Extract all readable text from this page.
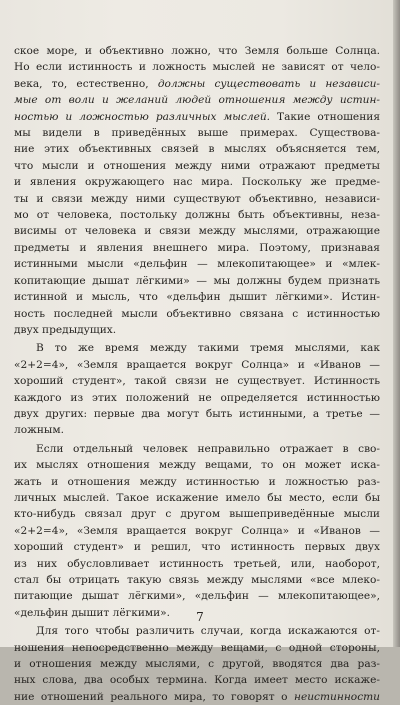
ское море, и объективно ложно, что Земля больше Солнца.
Но если истинность и ложность мыслей не зависят от чело-
века, то, естественно, должны существовать и независи-
мые от воли и желаний людей отношения между истин-
ностью и ложностью различных мыслей. Такие отношения
мы видели в приведённых выше примерах. Существова-
ние этих объективных связей в мыслях объясняется тем,
что мысли и отношения между ними отражают предметы
и явления окружающего нас мира. Поскольку же предме-
ты и связи между ними существуют объективно, независи-
мо от человека, постольку должны быть объективны, неза-
висимы от человека и связи между мыслями, отражающие
предметы и явления внешнего мира. Поэтому, признавая
истинными мысли «дельфин — млекопитающее» и «млек-
копитающие дышат лёгкими» — мы должны будем признать
истинной и мысль, что «дельфин дышит лёгкими». Истин-
ность последней мысли объективно связана с истинностью
двух предыдущих.

В то же время между такими тремя мыслями, как
«2+2=4», «Земля вращается вокруг Солнца» и «Иванов —
хороший студент», такой связи не существует. Истинность
каждого из этих положений не определяется истинностью
двух других: первые два могут быть истинными, а третье —
ложным.

Если отдельный человек неправильно отражает в сво-
их мыслях отношения между вещами, то он может иска-
жать и отношения между истинностью и ложностью раз-
личных мыслей. Такое искажение имело бы место, если бы
кто-нибудь связал друг с другом вышеприведённые мысли
«2+2=4», «Земля вращается вокруг Солнца» и «Иванов —
хороший студент» и решил, что истинность первых двух
из них обусловливает истинность третьей, или, наоборот,
стал бы отрицать такую связь между мыслями «все млеко-
питающие дышат лёгкими», «дельфин — млекопитающее»,
«дельфин дышит лёгкими».

Для того чтобы различить случаи, когда искажаются от-
ношения непосредственно между вещами, с одной стороны,
и отношения между мыслями, с другой, вводятся два раз-
ных слова, два особых термина. Когда имеет место искаже-
ние отношений реального мира, то говорят о неистинности

7
